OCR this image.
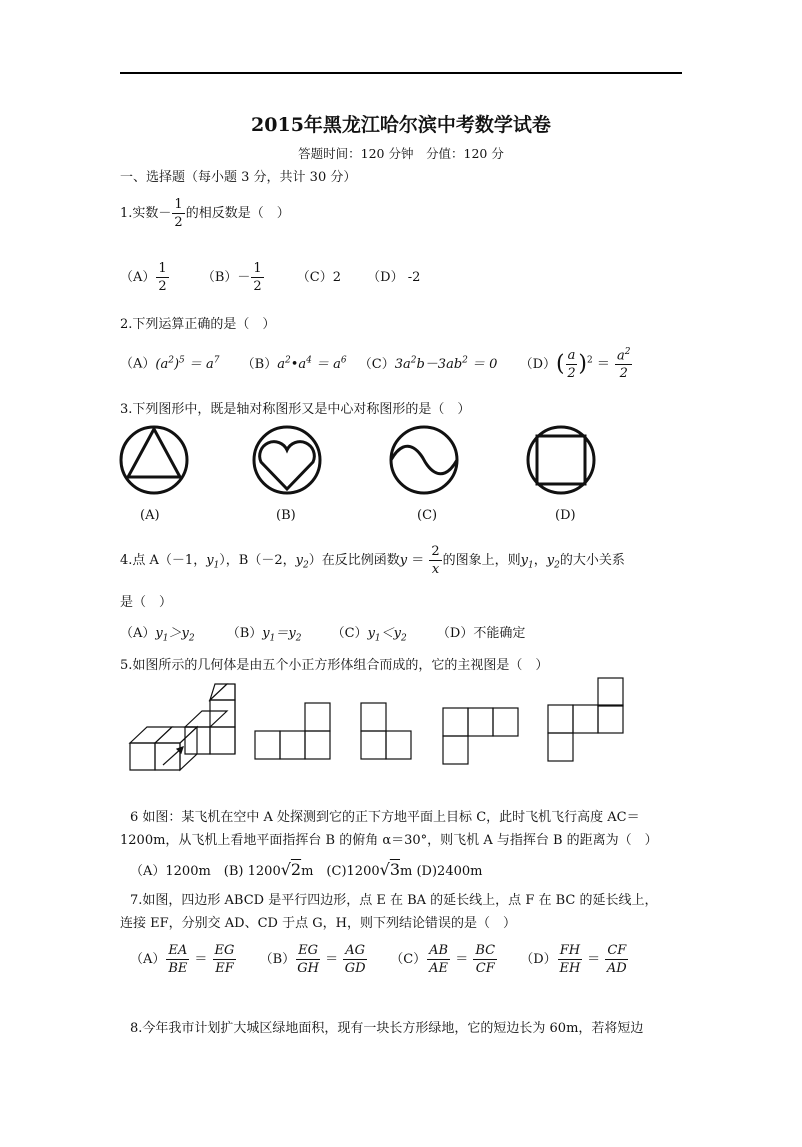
2015年黑龙江哈尔滨中考数学试卷
答题时间：120 分钟　分值：120 分
一、选择题（每小题 3 分，共计 30 分）
1.实数－ $\frac{1}{2}$ 的相反数是（　）
$(A) \frac{1}{2}$	$(B)- \frac{1}{2}$	（C）2 （D） -2
2.下列运算正确的是（　）
$(A)(a^2)^5 = a^7$ $(B)a^2•a^4 = a^6$ $(C)3a^2b-3ab^2 = 0$ $(D)( \frac{a}{2} )^2 = \frac{a^2}{2}$
3.下列图形中，既是轴对称图形又是中心对称图形的是（　）
(A)	(B)	(C)	(D)
4.点 A（－1，$y_1$），B（－2，$y_2$）在反比例函数$y = \frac{2}{x}$ 的图象上，则$y_1$，$y_2$的大小关系
是（　）
$(A)y_1>y_2$ $(B)y_1=y_2$ $(C)y_1<y_2$ （D）不能确定
5.如图所示的几何体是由五个小正方形体组合而成的，它的主视图是（　）
6 如图：某飞机在空中 A 处探测到它的正下方地平面上目标 C，此时飞机飞行高度 AC＝
1200m，从飞机上看地平面指挥台 B 的俯角 α＝30°，则飞机 A 与指挥台 B 的距离为（　）
（A）1200m　(B) 1200√2m　(C)1200√3m (D)2400m
7.如图，四边形 ABCD 是平行四边形，点 E 在 BA 的延长线上，点 F 在 BC 的延长线上，
连接 EF，分别交 AD、CD 于点 G，H，则下列结论错误的是（　）
$(A) \frac{EA}{BE} = \frac{EG}{EF} (B) \frac{EG}{GH} = \frac{AG}{GD} (C) \frac{AB}{AE} = \frac{BC}{CF} (D) \frac{FH}{EH} = \frac{CF}{AD}$
8.今年我市计划扩大城区绿地面积，现有一块长方形绿地，它的短边长为 60m，若将短边
